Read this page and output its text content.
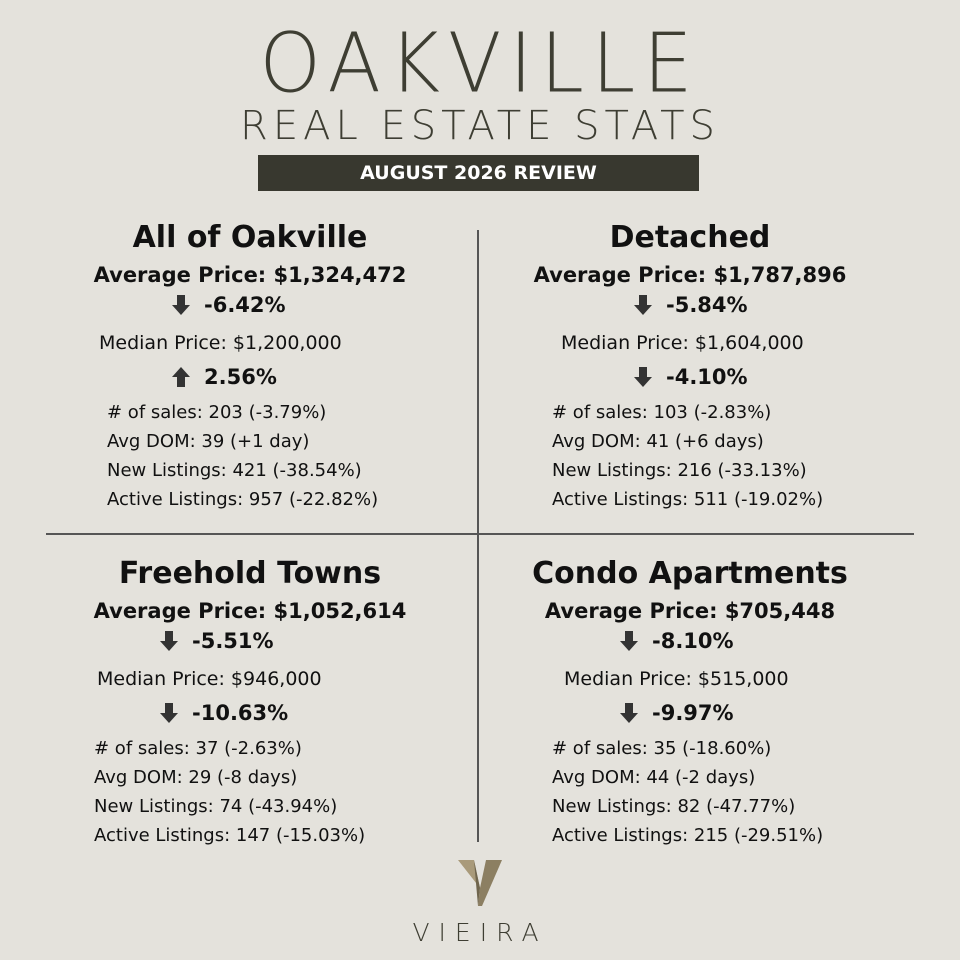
OAKVILLE
REAL ESTATE STATS
AUGUST 2026 REVIEW
All of Oakville
Average Price: $1,324,472
-6.42%
Median Price: $1,200,000
2.56%
# of sales: 203 (-3.79%)
Avg DOM: 39 (+1 day)
New Listings: 421 (-38.54%)
Active Listings: 957 (-22.82%)
Detached
Average Price: $1,787,896
-5.84%
Median Price: $1,604,000
-4.10%
# of sales: 103 (-2.83%)
Avg DOM: 41 (+6 days)
New Listings: 216 (-33.13%)
Active Listings: 511 (-19.02%)
Freehold Towns
Average Price: $1,052,614
-5.51%
Median Price: $946,000
-10.63%
# of sales: 37 (-2.63%)
Avg DOM: 29 (-8 days)
New Listings: 74 (-43.94%)
Active Listings: 147 (-15.03%)
Condo Apartments
Average Price: $705,448
-8.10%
Median Price: $515,000
-9.97%
# of sales: 35 (-18.60%)
Avg DOM: 44 (-2 days)
New Listings: 82 (-47.77%)
Active Listings: 215 (-29.51%)
VIEIRA
